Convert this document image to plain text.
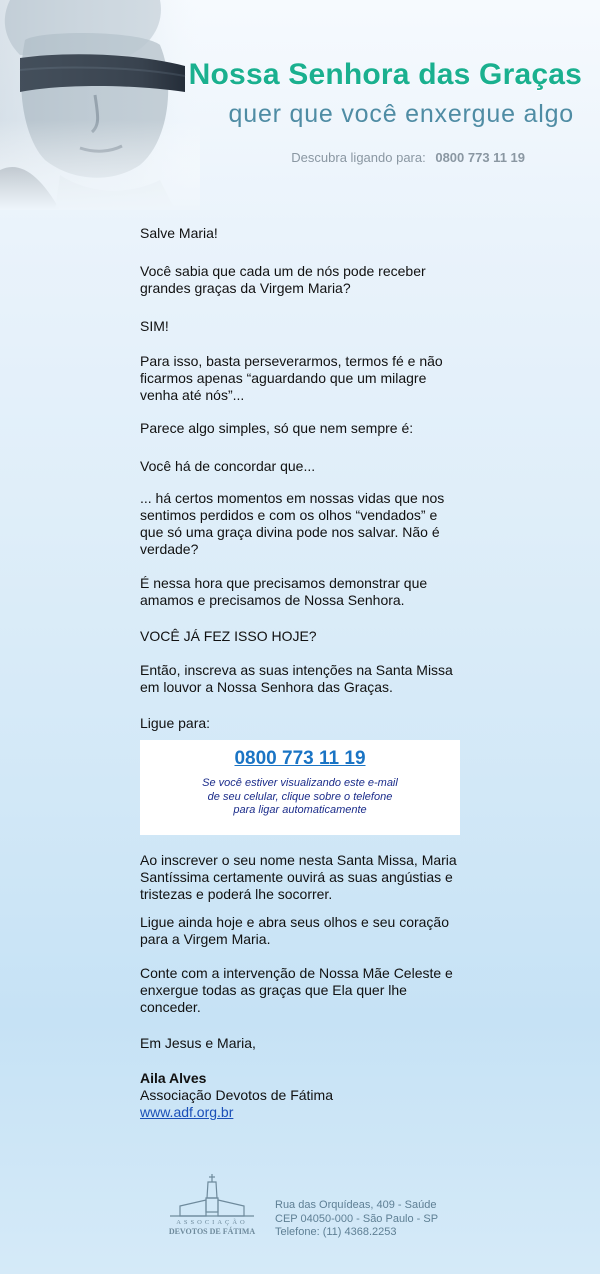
Nossa Senhora das Graças
quer que você enxergue algo
Descubra ligando para: 0800 773 11 19

Salve Maria!

Você sabia que cada um de nós pode receber grandes graças da Virgem Maria?

SIM!

Para isso, basta perseverarmos, termos fé e não ficarmos apenas “aguardando que um milagre venha até nós”...

Parece algo simples, só que nem sempre é:

Você há de concordar que...

... há certos momentos em nossas vidas que nos sentimos perdidos e com os olhos “vendados” e que só uma graça divina pode nos salvar. Não é verdade?

É nessa hora que precisamos demonstrar que amamos e precisamos de Nossa Senhora.

VOCÊ JÁ FEZ ISSO HOJE?

Então, inscreva as suas intenções na Santa Missa em louvor a Nossa Senhora das Graças.

Ligue para:

0800 773 11 19
Se você estiver visualizando este e-mail
de seu celular, clique sobre o telefone
para ligar automaticamente

Ao inscrever o seu nome nesta Santa Missa, Maria Santíssima certamente ouvirá as suas angústias e tristezas e poderá lhe socorrer.

Ligue ainda hoje e abra seus olhos e seu coração para a Virgem Maria.

Conte com a intervenção de Nossa Mãe Celeste e enxergue todas as graças que Ela quer lhe conceder.

Em Jesus e Maria,

Aila Alves
Associação Devotos de Fátima
www.adf.org.br
ASSOCIAÇÃO
DEVOTOS DE FÁTIMA
Rua das Orquídeas, 409 - Saúde
CEP 04050-000 - São Paulo - SP
Telefone: (11) 4368.2253
